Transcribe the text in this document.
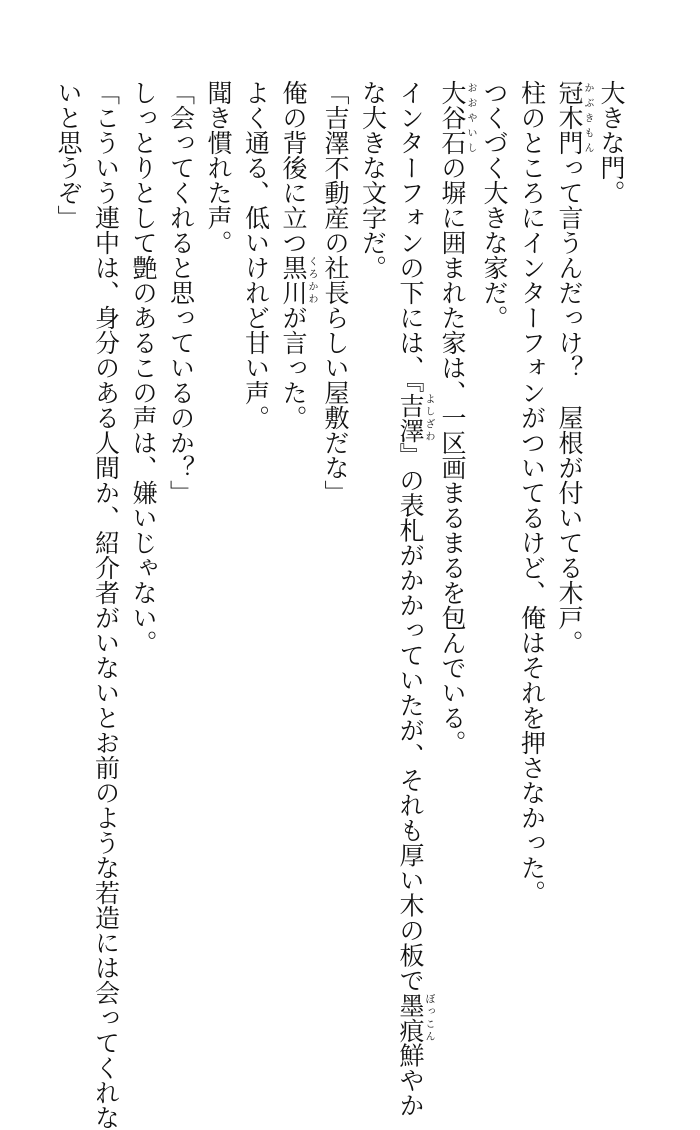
大きな門。
冠木門かぶきもんって言うんだっけ？　屋根が付いてる木戸。
柱のところにインターフォンがついてるけど、俺はそれを押さなかった。
つくづく大きな家だ。
大谷石おおやいしの塀に囲まれた家は、一区画まるまるを包んでいる。
インターフォンの下には、『吉澤よしざわ』の表札がかかっていたが、それも厚い木の板で墨痕ぼっこん鮮やか
な大きな文字だ。
「吉澤不動産の社長らしい屋敷だな」
俺の背後に立つ黒川くろかわが言った。
よく通る、低いけれど甘い声。
聞き慣れた声。
「会ってくれると思っているのか？」
しっとりとして艶のあるこの声は、嫌いじゃない。
「こういう連中は、身分のある人間か、紹介者がいないとお前のような若造には会ってくれな
いと思うぞ」
